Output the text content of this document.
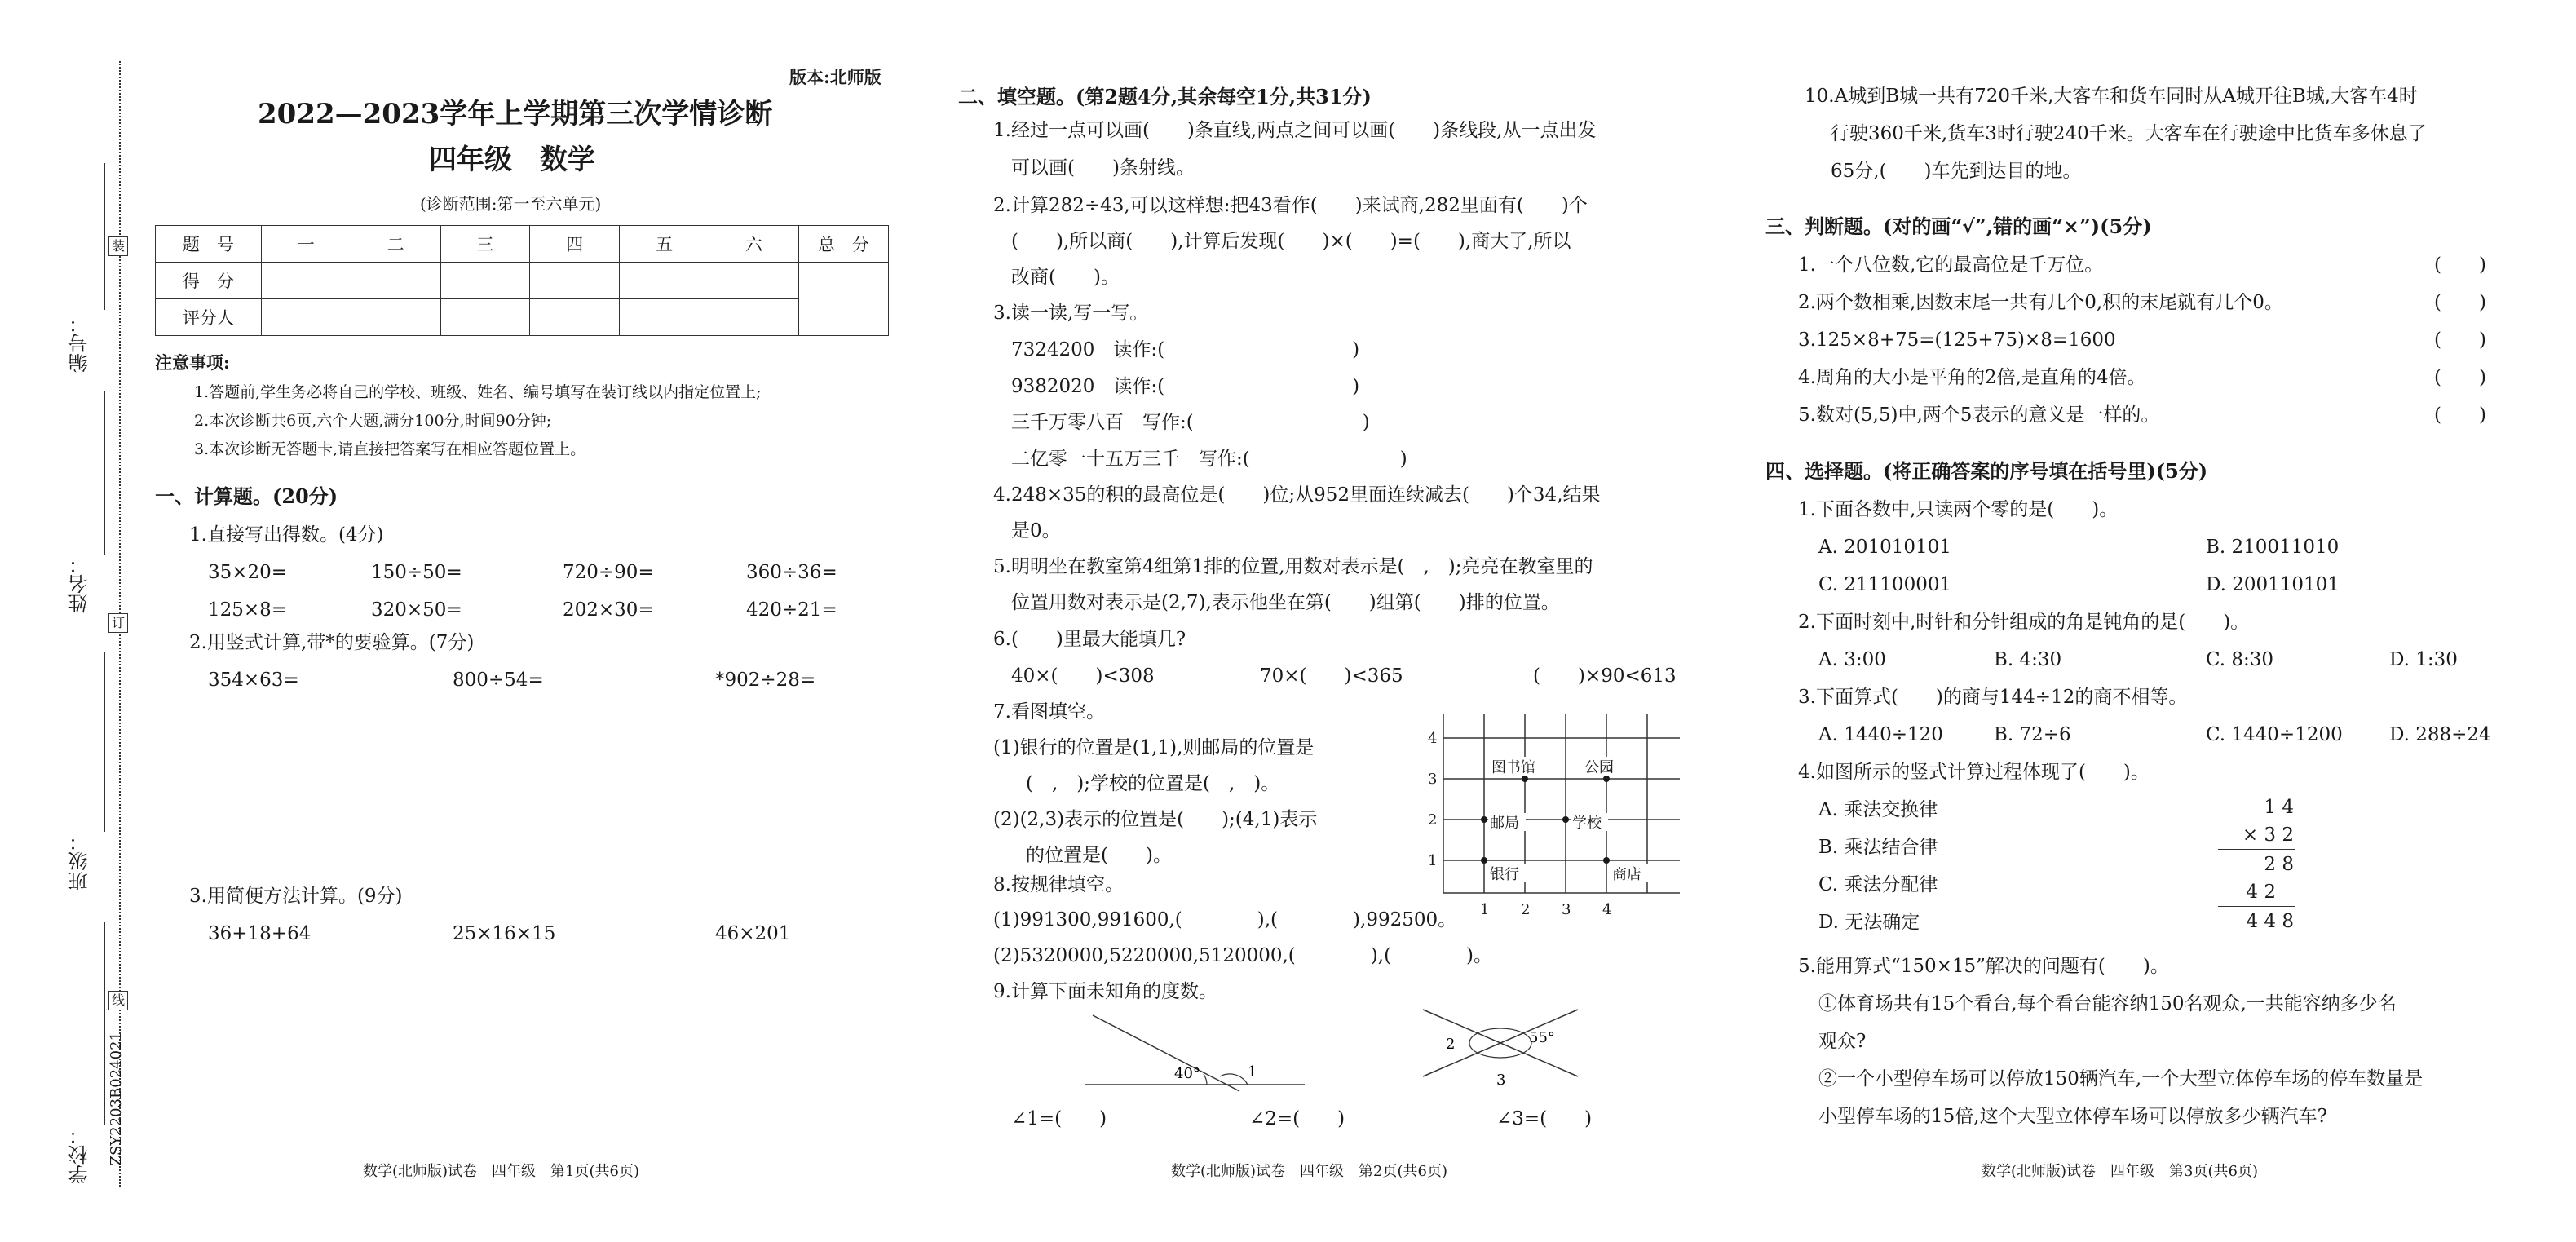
编号：
姓名：
班级：
学校： ZSY2203B024021
装
订
线
版本:北师版
2022—2023学年上学期第三次学情诊断
四年级　数学
(诊断范围:第一至六单元)
题　号	一	二	三	四	五	六	总　分
得　分							
评分人							
注意事项:
1.答题前,学生务必将自己的学校、班级、姓名、编号填写在装订线以内指定位置上;
2.本次诊断共6页,六个大题,满分100分,时间90分钟;
3.本次诊断无答题卡,请直接把答案写在相应答题位置上。
一、计算题。(20分)
1.直接写出得数。(4分)
35×20=	150÷50=	720÷90=	360÷36=
125×8=	320×50=	202×30=	420÷21=
2.用竖式计算,带*的要验算。(7分)
354×63=	800÷54=	*902÷28=
3.用简便方法计算。(9分)
36+18+64	25×16×15	46×201
数学(北师版)试卷　四年级　第1页(共6页)
二、填空题。(第2题4分,其余每空1分,共31分)
1.经过一点可以画(　　)条直线,两点之间可以画(　　)条线段,从一点出发
可以画(　　)条射线。
2.计算282÷43,可以这样想:把43看作(　　)来试商,282里面有(　　)个
(　　),所以商(　　),计算后发现(　　)×(　　)=(　　),商大了,所以
改商(　　)。
3.读一读,写一写。
7324200　读作:(　　　　　　　　　　)
9382020　读作:(　　　　　　　　　　)
三千万零八百　写作:(　　　　　　　　　)
二亿零一十五万三千　写作:(　　　　　　　　)
4.248×35的积的最高位是(　　)位;从952里面连续减去(　　)个34,结果
是0。
5.明明坐在教室第4组第1排的位置,用数对表示是(　,　);亮亮在教室里的
位置用数对表示是(2,7),表示他坐在第(　　)组第(　　)排的位置。
6.(　　)里最大能填几?
40×(　　)<308	70×(　　)<365	(　　)×90<613
7.看图填空。
(1)银行的位置是(1,1),则邮局的位置是
(　,　);学校的位置是(　,　)。
(2)(2,3)表示的位置是(　　);(4,1)表示
的位置是(　　)。
1 2 3 4
1
2
3
4
图书馆	公园
邮局	学校
银行	商店
8.按规律填空。
(1)991300,991600,(　　　　),(　　　　),992500。
(2)5320000,5220000,5120000,(　　　　),(　　　　)。
9.计算下面未知角的度数。
40°	1
2	55°
3
∠1=(　　)	∠2=(　　)	∠3=(　　)
数学(北师版)试卷　四年级　第2页(共6页)
10.A城到B城一共有720千米,大客车和货车同时从A城开往B城,大客车4时
行驶360千米,货车3时行驶240千米。大客车在行驶途中比货车多休息了
65分,(　　)车先到达目的地。
三、判断题。(对的画“√”,错的画“×”)(5分)
1.一个八位数,它的最高位是千万位。
2.两个数相乘,因数末尾一共有几个0,积的末尾就有几个0。
3.125×8+75=(125+75)×8=1600
4.周角的大小是平角的2倍,是直角的4倍。
5.数对(5,5)中,两个5表示的意义是一样的。
(　　)
(　　)
(　　)
(　　)
(　　)
四、选择题。(将正确答案的序号填在括号里)(5分)
1.下面各数中,只读两个零的是(　　)。
A. 201010101	B. 210011010
C. 211100001	D. 200110101
2.下面时刻中,时针和分针组成的角是钝角的是(　　)。
A. 3:00	B. 4:30	C. 8:30	D. 1:30
3.下面算式(　　)的商与144÷12的商不相等。
A. 1440÷120	B. 72÷6	C. 1440÷1200 D. 288÷24
4.如图所示的竖式计算过程体现了(　　)。
A. 乘法交换律
B. 乘法结合律
C. 乘法分配律
D. 无法确定
1 4
× 3 2
2 8
4 2
4 4 8
5.能用算式“150×15”解决的问题有(　　)。
①体育场共有15个看台,每个看台能容纳150名观众,一共能容纳多少名
观众?
②一个小型停车场可以停放150辆汽车,一个大型立体停车场的停车数量是
小型停车场的15倍,这个大型立体停车场可以停放多少辆汽车?
数学(北师版)试卷　四年级　第3页(共6页)
